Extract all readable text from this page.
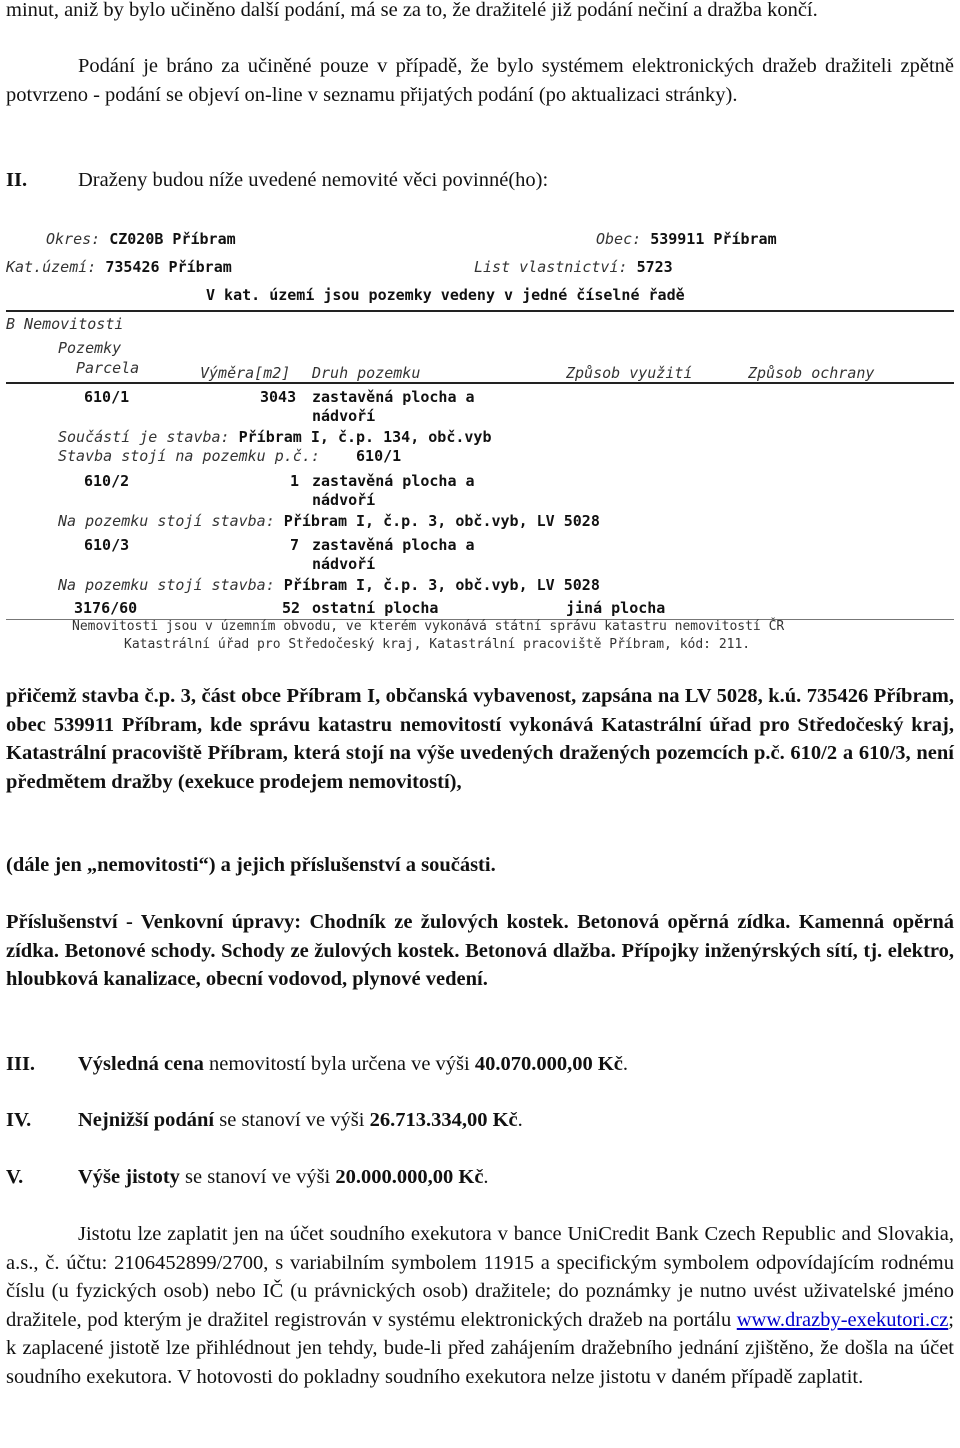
minut, aniž by bylo učiněno další podání, má se za to, že dražitelé již podání nečiní a dražba končí.

Podání je bráno za učiněné pouze v případě, že bylo systémem elektronických dražeb dražiteli zpětně potvrzeno - podání se objeví on-line v seznamu přijatých podání (po aktualizaci stránky).

II. Draženy budou níže uvedené nemovité věci povinné(ho):
Okres: CZ020B Příbram	Obec: 539911 Příbram
Kat.území: 735426 Příbram	List vlastnictví: 5723
V kat. území jsou pozemky vedeny v jedné číselné řadě
B Nemovitosti
Pozemky
Parcela	Výměra[m2] Druh pozemku	Způsob využití	Způsob ochrany
610/1	3043 zastavěná plocha a
nádvoří
Součástí je stavba: Příbram I, č.p. 134, obč.vyb
Stavba stojí na pozemku p.č.: 610/1
610/2	1 zastavěná plocha a
nádvoří
Na pozemku stojí stavba: Příbram I, č.p. 3, obč.vyb, LV 5028
610/3	7 zastavěná plocha a
nádvoří
Na pozemku stojí stavba: Příbram I, č.p. 3, obč.vyb, LV 5028
3176/60	52 ostatní plocha	jiná plocha
Nemovitosti jsou v územním obvodu, ve kterém vykonává státní správu katastru nemovitostí ČR
Katastrální úřad pro Středočeský kraj, Katastrální pracoviště Příbram, kód: 211.

přičemž stavba č.p. 3, část obce Příbram I, občanská vybavenost, zapsána na LV 5028, k.ú. 735426 Příbram, obec 539911 Příbram, kde správu katastru nemovitostí vykonává Katastrální úřad pro Středočeský kraj, Katastrální pracoviště Příbram, která stojí na výše uvedených dražených pozemcích p.č. 610/2 a 610/3, není předmětem dražby (exekuce prodejem nemovitostí),

(dále jen „nemovitosti“) a jejich příslušenství a součásti.

Příslušenství - Venkovní úpravy: Chodník ze žulových kostek. Betonová opěrná zídka. Kamenná opěrná zídka. Betonové schody. Schody ze žulových kostek. Betonová dlažba. Přípojky inženýrských sítí, tj. elektro, hloubková kanalizace, obecní vodovod, plynové vedení.

III. Výsledná cena nemovitostí byla určena ve výši 40.070.000,00 Kč.
IV. Nejnižší podání se stanoví ve výši 26.713.334,00 Kč.
V.	Výše jistoty se stanoví ve výši 20.000.000,00 Kč.

Jistotu lze zaplatit jen na účet soudního exekutora v bance UniCredit Bank Czech Republic and Slovakia, a.s., č. účtu: 2106452899/2700, s variabilním symbolem 11915 a specifickým symbolem odpovídajícím rodnému číslu (u fyzických osob) nebo IČ (u právnických osob) dražitele; do poznámky je nutno uvést uživatelské jméno dražitele, pod kterým je dražitel registrován v systému elektronických dražeb na portálu www.drazby-exekutori.cz; k zaplacené jistotě lze přihlédnout jen tehdy, bude-li před zahájením dražebního jednání zjištěno, že došla na účet soudního exekutora. V hotovosti do pokladny soudního exekutora nelze jistotu v daném případě zaplatit.
